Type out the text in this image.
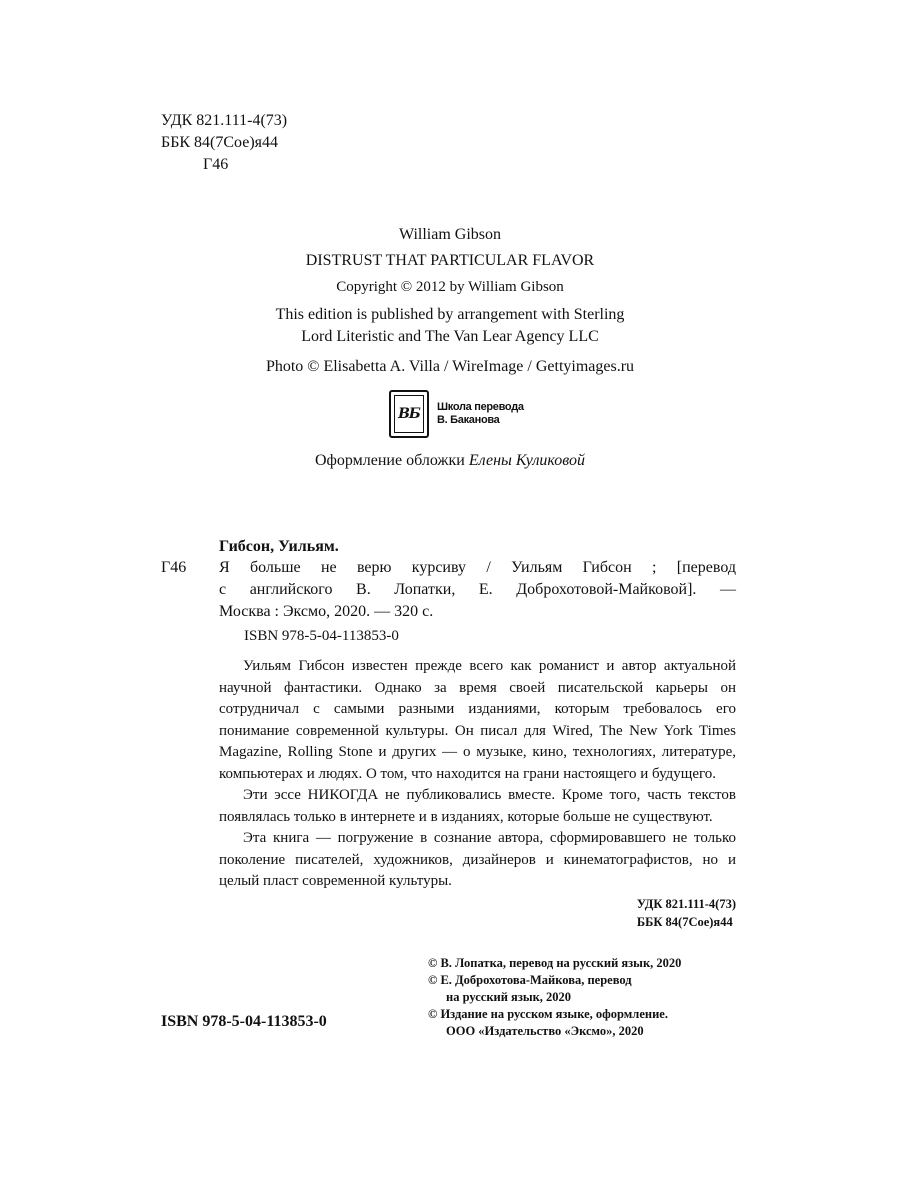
УДК 821.111-4(73)
ББК 84(7Сое)я44
Г46
William Gibson
DISTRUST THAT PARTICULAR FLAVOR
Copyright © 2012 by William Gibson
This edition is published by arrangement with Sterling
Lord Literistic and The Van Lear Agency LLC
Photo © Elisabetta A. Villa / WireImage / Gettyimages.ru
ВБ Школа перевода
В. Баканова
Оформление обложки Елены Куликовой
Гибсон, Уильям.
Г46 Я больше не верю курсиву / Уильям Гибсон ; [перевод
с английского В. Лопатки, Е. Доброхотовой-Майковой]. —
Москва : Эксмо, 2020. — 320 с.
ISBN 978-5-04-113853-0

Уильям Гибсон известен прежде всего как романист и автор актуальной научной фантастики. Однако за время своей писательской карьеры он сотрудничал с самыми разными изданиями, которым требовалось его понимание современной культуры. Он писал для Wired, The New York Times Magazine, Rolling Stone и других — о музыке, кино, технологиях, литературе, компьютерах и людях. О том, что находится на грани настоящего и будущего.

Эти эссе НИКОГДА не публиковались вместе. Кроме того, часть текстов появлялась только в интернете и в изданиях, которые больше не существуют.

Эта книга — погружение в сознание автора, сформировавшего не только поколение писателей, художников, дизайнеров и кинематографистов, но и целый пласт современной культуры.

УДК 821.111-4(73)
ББК 84(7Сое)я44
© В. Лопатка, перевод на русский язык, 2020
© Е. Доброхотова-Майкова, перевод
на русский язык, 2020
© Издание на русском языке, оформление.
ООО «Издательство «Эксмо», 2020
ISBN 978-5-04-113853-0
